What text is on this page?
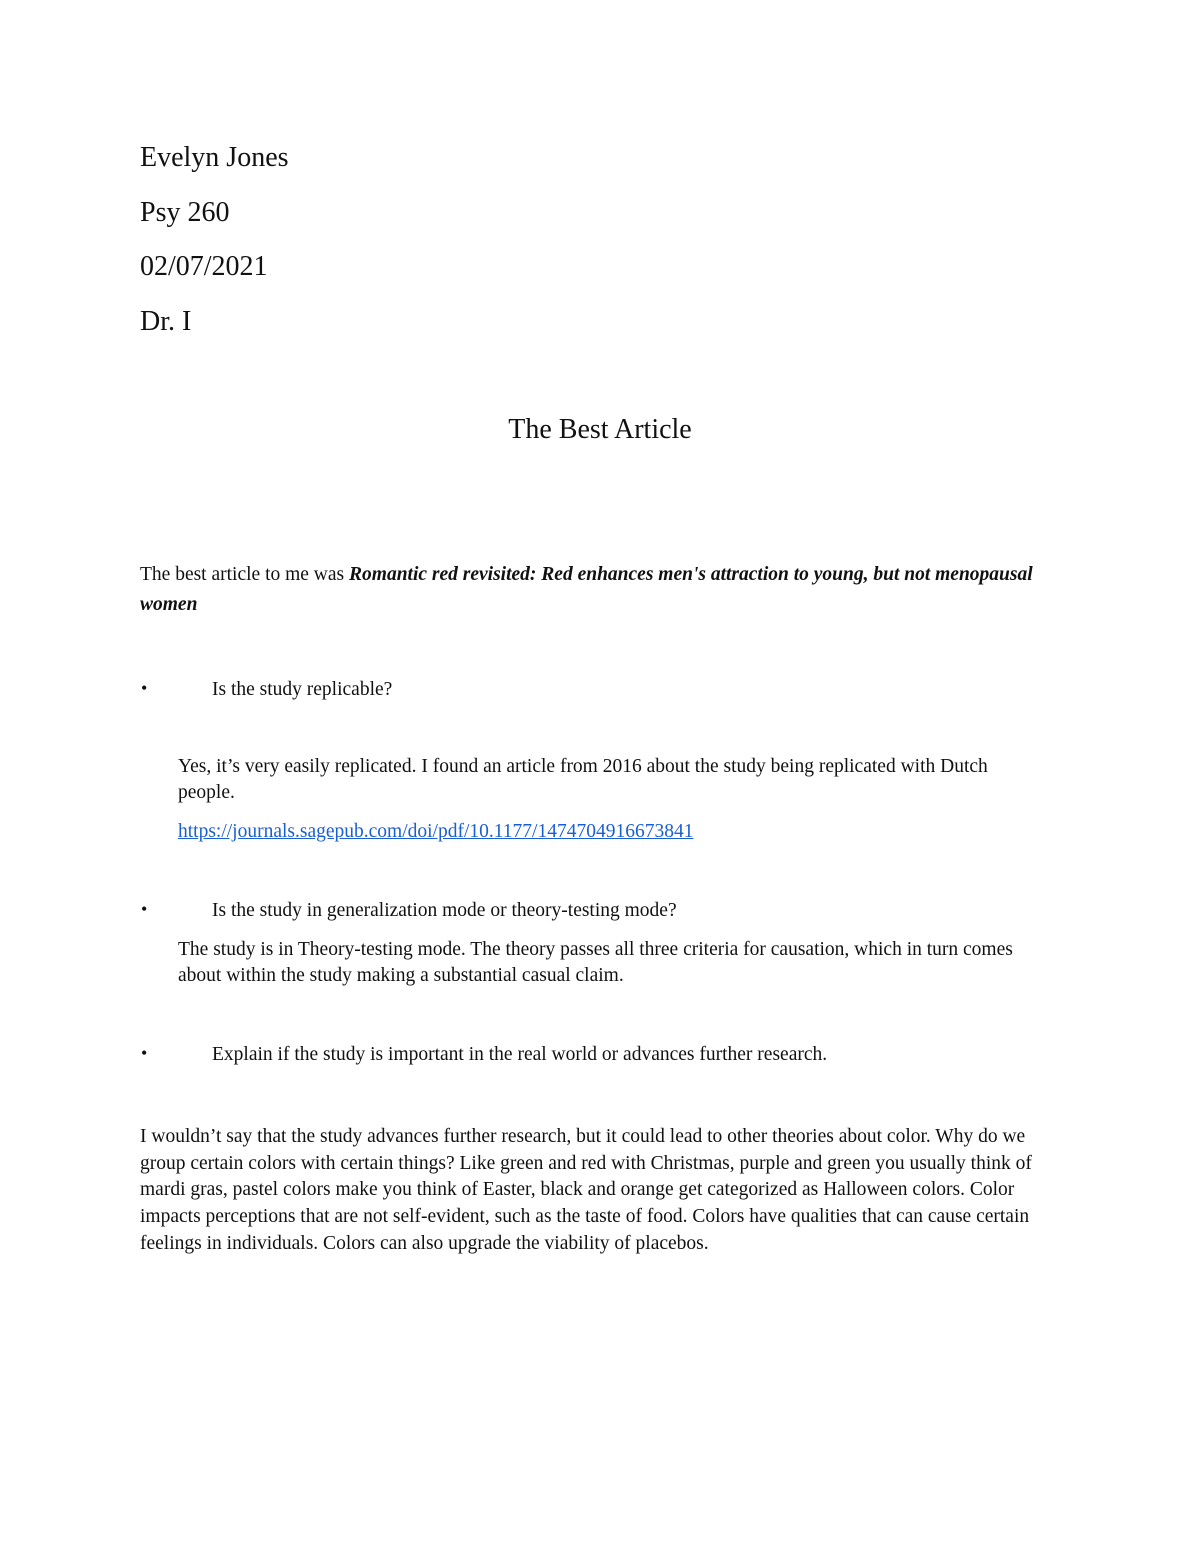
Evelyn Jones
Psy 260
02/07/2021
Dr. I
The Best Article
The best article to me was Romantic red revisited: Red enhances men's attraction to young, but not menopausal women
•	Is the study replicable?
Yes, it’s very easily replicated. I found an article from 2016 about the study being replicated with Dutch people.
https://journals.sagepub.com/doi/pdf/10.1177/1474704916673841
•	Is the study in generalization mode or theory-testing mode?
The study is in Theory-testing mode. The theory passes all three criteria for causation, which in turn comes about within the study making a substantial casual claim.
•	Explain if the study is important in the real world or advances further research.
I wouldn’t say that the study advances further research, but it could lead to other theories about color. Why do we group certain colors with certain things? Like green and red with Christmas, purple and green you usually think of mardi gras, pastel colors make you think of Easter, black and orange get categorized as Halloween colors. Color impacts perceptions that are not self-evident, such as the taste of food. Colors have qualities that can cause certain feelings in individuals. Colors can also upgrade the viability of placebos.
